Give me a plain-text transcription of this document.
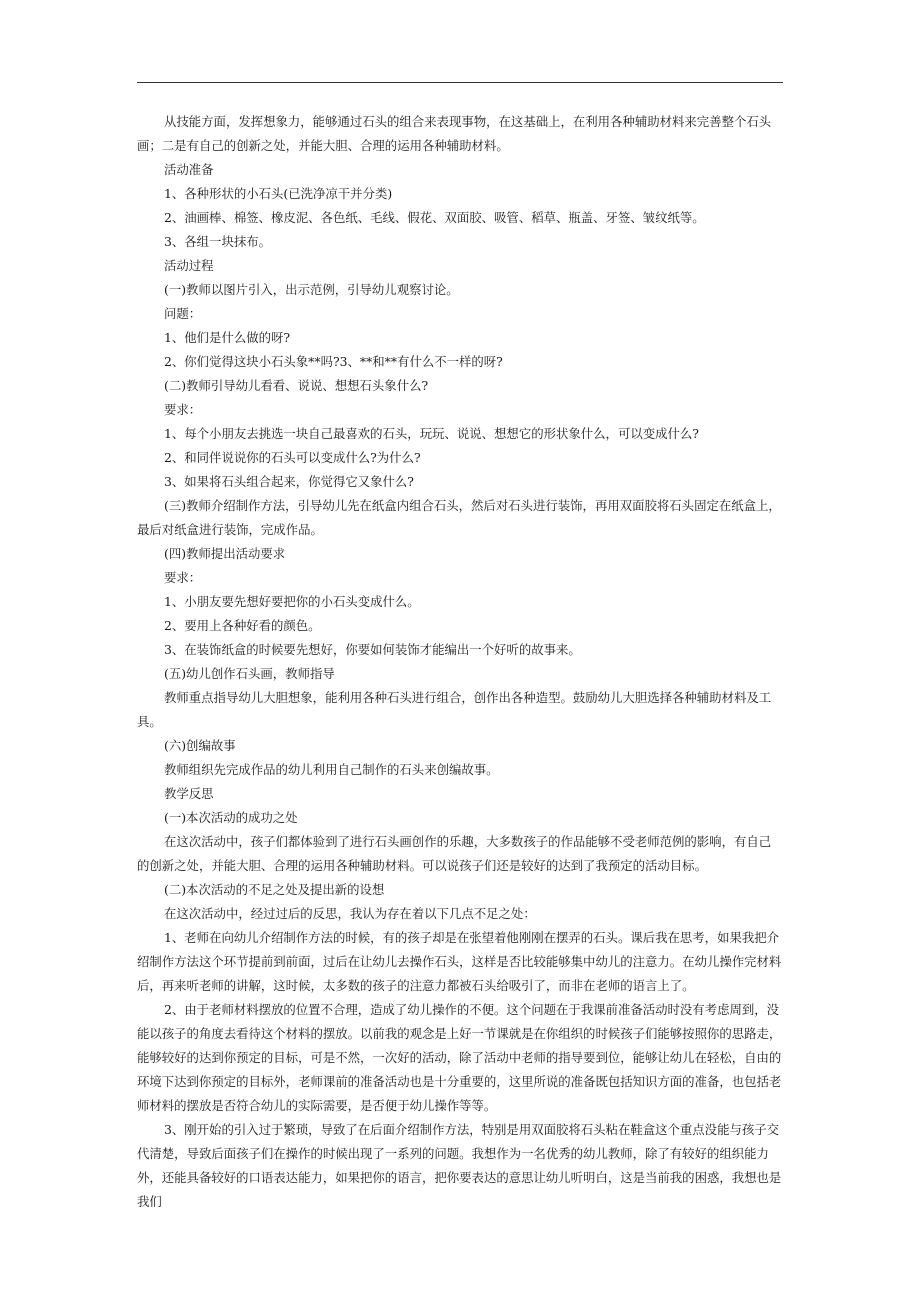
从技能方面，发挥想象力，能够通过石头的组合来表现事物，在这基础上，在利用各种辅助材料来完善整个石头画；二是有自己的创新之处，并能大胆、合理的运用各种辅助材料。

活动准备

1、各种形状的小石头(已洗净凉干并分类)

2、油画棒、棉签、橡皮泥、各色纸、毛线、假花、双面胶、吸管、稻草、瓶盖、牙签、皱纹纸等。

3、各组一块抹布。

活动过程

(一)教师以图片引入，出示范例，引导幼儿观察讨论。

问题：

1、他们是什么做的呀?

2、你们觉得这块小石头象**吗?3、**和**有什么不一样的呀?

(二)教师引导幼儿看看、说说、想想石头象什么?

要求：

1、每个小朋友去挑选一块自己最喜欢的石头，玩玩、说说、想想它的形状象什么，可以变成什么?

2、和同伴说说你的石头可以变成什么?为什么?

3、如果将石头组合起来，你觉得它又象什么?

(三)教师介绍制作方法，引导幼儿先在纸盒内组合石头，然后对石头进行装饰，再用双面胶将石头固定在纸盒上，最后对纸盒进行装饰，完成作品。

(四)教师提出活动要求

要求：

1、小朋友要先想好要把你的小石头变成什么。

2、要用上各种好看的颜色。

3、在装饰纸盒的时候要先想好，你要如何装饰才能编出一个好听的故事来。

(五)幼儿创作石头画，教师指导

教师重点指导幼儿大胆想象，能利用各种石头进行组合，创作出各种造型。鼓励幼儿大胆选择各种辅助材料及工具。

(六)创编故事

教师组织先完成作品的幼儿利用自己制作的石头来创编故事。

教学反思

(一)本次活动的成功之处

在这次活动中，孩子们都体验到了进行石头画创作的乐趣，大多数孩子的作品能够不受老师范例的影响，有自己的创新之处，并能大胆、合理的运用各种辅助材料。可以说孩子们还是较好的达到了我预定的活动目标。

(二)本次活动的不足之处及提出新的设想

在这次活动中，经过过后的反思，我认为存在着以下几点不足之处：

1、老师在向幼儿介绍制作方法的时候，有的孩子却是在张望着他刚刚在摆弄的石头。课后我在思考，如果我把介绍制作方法这个环节提前到前面，过后在让幼儿去操作石头，这样是否比较能够集中幼儿的注意力。在幼儿操作完材料后，再来听老师的讲解，这时候，太多数的孩子的注意力都被石头给吸引了，而非在老师的语言上了。

2、由于老师材料摆放的位置不合理，造成了幼儿操作的不便。这个问题在于我课前准备活动时没有考虑周到，没能以孩子的角度去看待这个材料的摆放。以前我的观念是上好一节课就是在你组织的时候孩子们能够按照你的思路走，能够较好的达到你预定的目标，可是不然，一次好的活动，除了活动中老师的指导要到位，能够让幼儿在轻松，自由的环境下达到你预定的目标外，老师课前的准备活动也是十分重要的，这里所说的准备既包括知识方面的准备，也包括老师材料的摆放是否符合幼儿的实际需要，是否便于幼儿操作等等。

3、刚开始的引入过于繁琐，导致了在后面介绍制作方法，特别是用双面胶将石头粘在鞋盒这个重点没能与孩子交代清楚，导致后面孩子们在操作的时候出现了一系列的问题。我想作为一名优秀的幼儿教师，除了有较好的组织能力外，还能具备较好的口语表达能力，如果把你的语言，把你要表达的意思让幼儿听明白，这是当前我的困惑，我想也是我们
